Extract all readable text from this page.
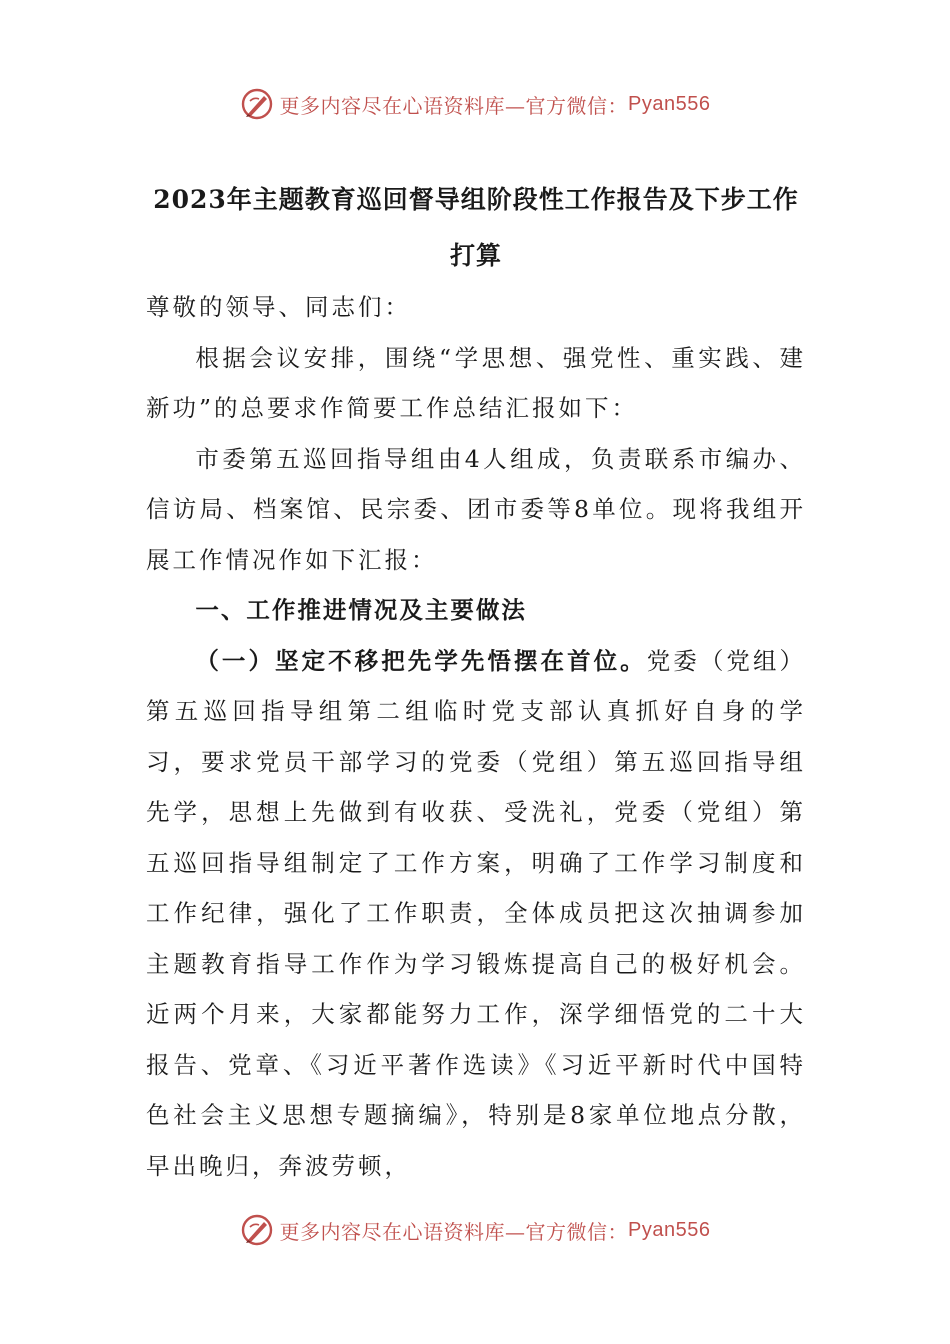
更多内容尽在心语资料库—官方微信： Pyan556
2023年主题教育巡回督导组阶段性工作报告及下步工作打算

尊敬的领导、同志们：

根据会议安排，围绕“学思想、强党性、重实践、建新功”的总要求作简要工作总结汇报如下：

市委第五巡回指导组由4人组成，负责联系市编办、信访局、档案馆、民宗委、团市委等8单位。现将我组开展工作情况作如下汇报：

一、工作推进情况及主要做法

（一）坚定不移把先学先悟摆在首位。党委（党组）第五巡回指导组第二组临时党支部认真抓好自身的学习，要求党员干部学习的党委（党组）第五巡回指导组先学，思想上先做到有收获、受洗礼，党委（党组）第五巡回指导组制定了工作方案，明确了工作学习制度和工作纪律，强化了工作职责，全体成员把这次抽调参加主题教育指导工作作为学习锻炼提高自己的极好机会。近两个月来，大家都能努力工作，深学细悟党的二十大报告、党章、《习近平著作选读》《习近平新时代中国特色社会主义思想专题摘编》，特别是8家单位地点分散，早出晚归，奔波劳顿，

更多内容尽在心语资料库—官方微信： Pyan556
